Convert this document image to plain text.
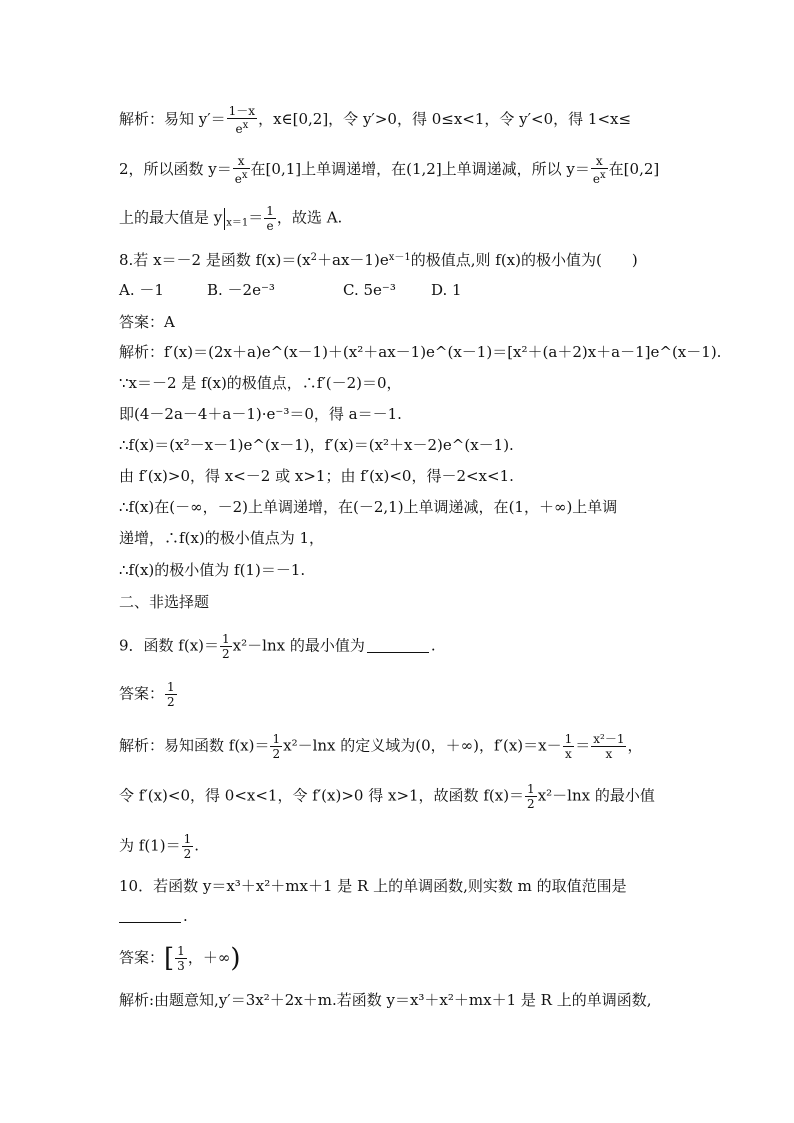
解析：易知 $y'= \frac{1-x}{e^x}$ ，x∈[0,2]，令 y′>0，得 0≤x<1，令 y′<0，得 1<x≤
2，所以函数 $y= \frac{x}{e^x}$ 在[0,1]上单调递增，在(1,2]上单调递减，所以 $y= \frac{x}{e^x}$ 在[0,2]
上的最大值是 y $_{x=1}= \frac{1}{e}$ ，故选 A.
8.若 x＝－2 是函数 $f(x)=(x^2+ax-1)e^{x-1}$的极值点,则 f(x)的极小值为(　　)
A. －1	B. －2e⁻³	C. 5e⁻³ D. 1
答案：A
解析：f′(x)＝(2x＋a)e^(x－1)＋(x²＋ax－1)e^(x－1)＝[x²＋(a＋2)x＋a－1]e^(x－1).
∵x＝－2 是 f(x)的极值点，∴f′(－2)＝0，
即(4－2a－4＋a－1)·e⁻³＝0，得 a＝－1.
∴f(x)＝(x²－x－1)e^(x－1)，f′(x)＝(x²＋x－2)e^(x－1).
由 f′(x)>0，得 x<－2 或 x>1；由 f′(x)<0，得－2<x<1.
∴f(x)在(－∞，－2)上单调递增，在(－2,1)上单调递减，在(1，＋∞)上单调
递增，∴f(x)的极小值点为 1，
∴f(x)的极小值为 f(1)＝－1.
二、非选择题
9．函数 $f(x)= \frac{1}{2} x^2-\ln x$ 的最小值为	.
答案： $\frac{1}{2}$
解析：易知函数 $f(x)= \frac{1}{2} x^2-\ln x$ 的定义域为(0，＋∞)，$f'(x)=x- \frac{1}{x} = \frac{\text{x²－1}}{x}$ ，
令 f′(x)<0，得 0<x<1，令 f′(x)>0 得 x>1，故函数 $f(x)= \frac{1}{2} x^2-\ln x$ 的最小值
为 $f(1)= \frac{1}{2}$ .
10．若函数 y＝x³＋x²＋mx＋1 是 R 上的单调函数,则实数 m 的取值范围是
.
答案：[ $\frac{1}{3}$ ，＋∞)
解析:由题意知,y′＝3x²＋2x＋m.若函数 y＝x³＋x²＋mx＋1 是 R 上的单调函数,
